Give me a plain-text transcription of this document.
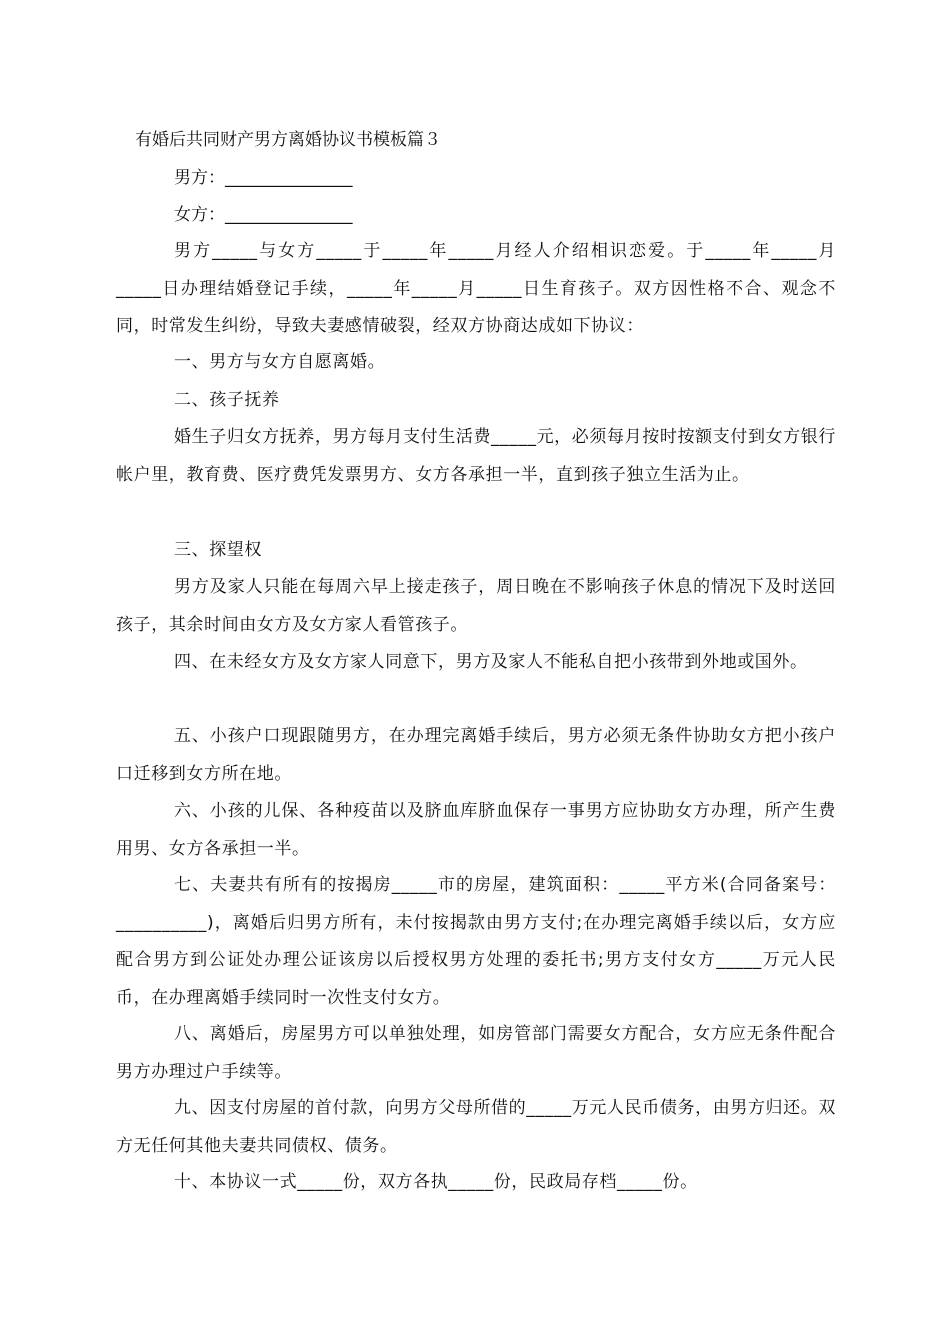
有婚后共同财产男方离婚协议书模板篇３
男方：_______________
女方：_______________
男方_____与女方_____于_____年_____月经人介绍相识恋爱。于_____年_____月_____日办理结婚登记手续，_____年_____月_____日生育孩子。双方因性格不合、观念不同，时常发生纠纷，导致夫妻感情破裂，经双方协商达成如下协议：
一、男方与女方自愿离婚。
二、孩子抚养
婚生子归女方抚养，男方每月支付生活费_____元，必须每月按时按额支付到女方银行帐户里，教育费、医疗费凭发票男方、女方各承担一半，直到孩子独立生活为止。
三、探望权
男方及家人只能在每周六早上接走孩子，周日晚在不影响孩子休息的情况下及时送回孩子，其余时间由女方及女方家人看管孩子。
四、在未经女方及女方家人同意下，男方及家人不能私自把小孩带到外地或国外。
五、小孩户口现跟随男方，在办理完离婚手续后，男方必须无条件协助女方把小孩户口迁移到女方所在地。
六、小孩的儿保、各种疫苗以及脐血库脐血保存一事男方应协助女方办理，所产生费用男、女方各承担一半。
七、夫妻共有所有的按揭房_____市的房屋，建筑面积：_____平方米(合同备案号：__________)，离婚后归男方所有，未付按揭款由男方支付;在办理完离婚手续以后，女方应配合男方到公证处办理公证该房以后授权男方处理的委托书;男方支付女方_____万元人民币，在办理离婚手续同时一次性支付女方。
八、离婚后，房屋男方可以单独处理，如房管部门需要女方配合，女方应无条件配合男方办理过户手续等。
九、因支付房屋的首付款，向男方父母所借的_____万元人民币债务，由男方归还。双方无任何其他夫妻共同债权、债务。
十、本协议一式_____份，双方各执_____份，民政局存档_____份。
